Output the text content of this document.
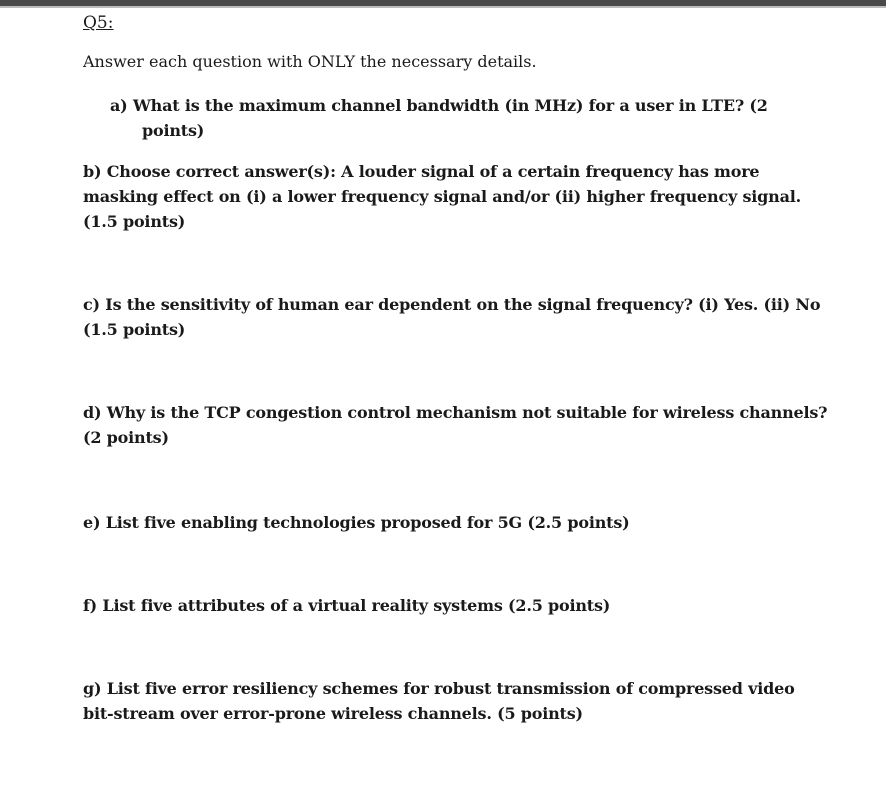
Q5:
Answer each question with ONLY the necessary details.
a) What is the maximum channel bandwidth (in MHz) for a user in LTE? (2
points)
b) Choose correct answer(s): A louder signal of a certain frequency has more
masking effect on (i) a lower frequency signal and/or (ii) higher frequency signal.
(1.5 points)
c) Is the sensitivity of human ear dependent on the signal frequency? (i) Yes. (ii) No
(1.5 points)
d) Why is the TCP congestion control mechanism not suitable for wireless channels?
(2 points)
e) List five enabling technologies proposed for 5G (2.5 points)
f) List five attributes of a virtual reality systems (2.5 points)
g) List five error resiliency schemes for robust transmission of compressed video
bit-stream over error-prone wireless channels. (5 points)
